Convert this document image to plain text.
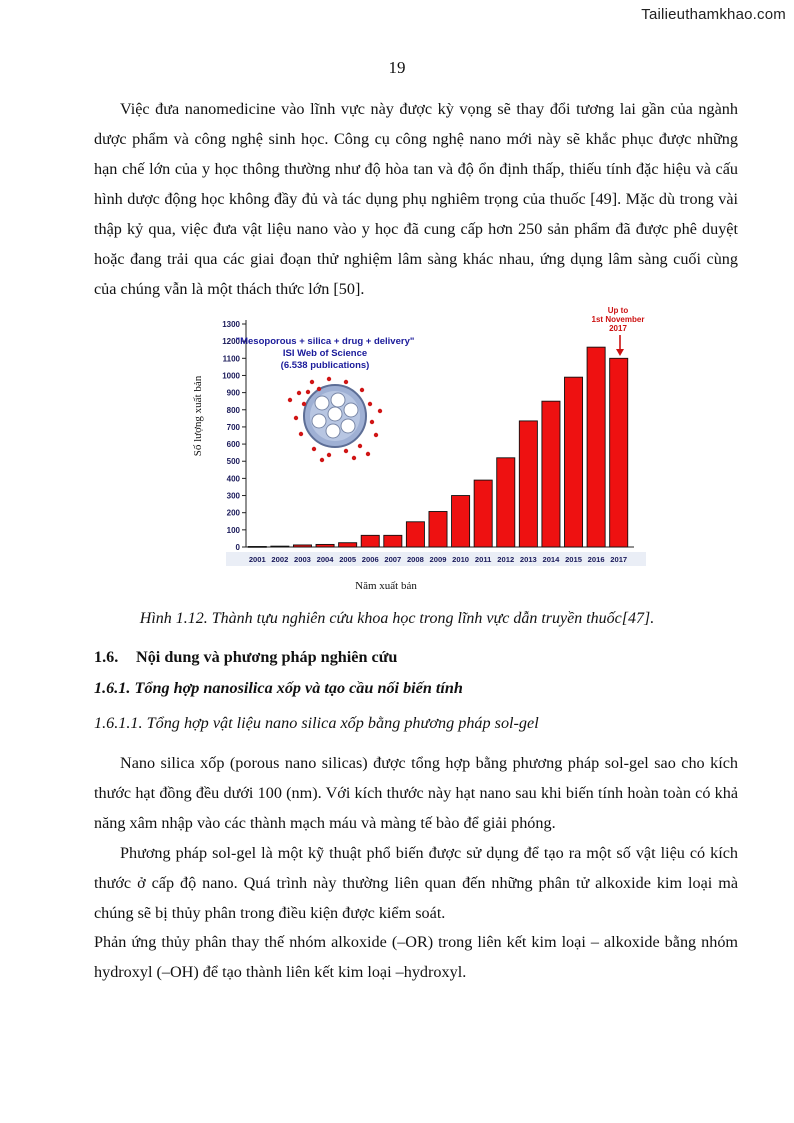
Tailieuthamkhao.com
19

Việc đưa nanomedicine vào lĩnh vực này được kỳ vọng sẽ thay đổi tương lai gần của ngành dược phẩm và công nghệ sinh học. Công cụ công nghệ nano mới này sẽ khắc phục được những hạn chế lớn của y học thông thường như độ hòa tan và độ ổn định thấp, thiếu tính đặc hiệu và cấu hình dược động học không đầy đủ và tác dụng phụ nghiêm trọng của thuốc [49]. Mặc dù trong vài thập kỷ qua, việc đưa vật liệu nano vào y học đã cung cấp hơn 250 sản phẩm đã được phê duyệt hoặc đang trải qua các giai đoạn thử nghiệm lâm sàng khác nhau, ứng dụng lâm sàng cuối cùng của chúng vẫn là một thách thức lớn [50].

2001 2002 2003 2004 2005 2006 2007 2008 2009 2010 2011 2012 2013 2014 2015 2016 2017
0
100
200
300
400
500
600
700
800
900
1000
1100
1200
1300
Số lượng xuất bản
Năm xuất bản
"Mesoporous + silica + drug + delivery"
ISI Web of Science
(6.538 publications)
Up to
1st November
2017
Hình 1.12. Thành tựu nghiên cứu khoa học trong lĩnh vực dẫn truyền thuốc[47].
1.6. Nội dung và phương pháp nghiên cứu
1.6.1. Tổng hợp nanosilica xốp và tạo cầu nối biến tính
1.6.1.1. Tổng hợp vật liệu nano silica xốp bằng phương pháp sol-gel

Nano silica xốp (porous nano silicas) được tổng hợp bằng phương pháp sol-gel sao cho kích thước hạt đồng đều dưới 100 (nm). Với kích thước này hạt nano sau khi biến tính hoàn toàn có khả năng xâm nhập vào các thành mạch máu và màng tế bào để giải phóng.

Phương pháp sol-gel là một kỹ thuật phổ biến được sử dụng để tạo ra một số vật liệu có kích thước ở cấp độ nano. Quá trình này thường liên quan đến những phân tử alkoxide kim loại mà chúng sẽ bị thủy phân trong điều kiện được kiểm soát.

Phản ứng thủy phân thay thế nhóm alkoxide (–OR) trong liên kết kim loại – alkoxide bằng nhóm hydroxyl (–OH) để tạo thành liên kết kim loại –hydroxyl.
